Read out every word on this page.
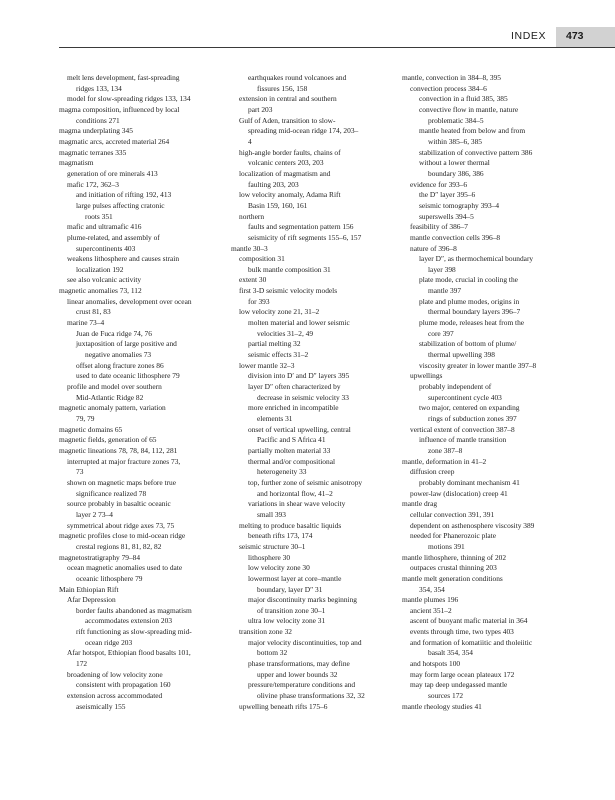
INDEX 473
melt lens development, fast-spreading
ridges 133, 134
model for slow-spreading ridges 133, 134
magma composition, influenced by local
conditions 271
magma underplating 345
magmatic arcs, accreted material 264
magmatic terranes 335
magmatism
generation of ore minerals 413
mafic 172, 362–3
and initiation of rifting 192, 413
large pulses affecting cratonic
roots 351
mafic and ultramafic 416
plume-related, and assembly of
supercontinents 403
weakens lithosphere and causes strain
localization 192
see also volcanic activity
magnetic anomalies 73, 112
linear anomalies, development over ocean
crust 81, 83
marine 73–4
Juan de Fuca ridge 74, 76
juxtaposition of large positive and
negative anomalies 73
offset along fracture zones 86
used to date oceanic lithosphere 79
profile and model over southern
Mid-Atlantic Ridge 82
magnetic anomaly pattern, variation
79, 79
magnetic domains 65
magnetic fields, generation of 65
magnetic lineations 78, 78, 84, 112, 281
interrupted at major fracture zones 73,
73
shown on magnetic maps before true
significance realized 78
source probably in basaltic oceanic
layer 2 73–4
symmetrical about ridge axes 73, 75
magnetic profiles close to mid-ocean ridge
crestal regions 81, 81, 82, 82
magnetostratigraphy 79–84
ocean magnetic anomalies used to date
oceanic lithosphere 79
Main Ethiopian Rift
Afar Depression
border faults abandoned as magmatism
accommodates extension 203
rift functioning as slow-spreading mid-
ocean ridge 203
Afar hotspot, Ethiopian flood basalts 101,
172
broadening of low velocity zone
consistent with propagation 160
extension across accommodated
aseismically 155
earthquakes round volcanoes and
fissures 156, 158
extension in central and southern
part 203
Gulf of Aden, transition to slow-
spreading mid-ocean ridge 174, 203–
4
high-angle border faults, chains of
volcanic centers 203, 203
localization of magmatism and
faulting 203, 203
low velocity anomaly, Adama Rift
Basin 159, 160, 161
northern
faults and segmentation pattern 156
seismicity of rift segments 155–6, 157
mantle 30–3
composition 31
bulk mantle composition 31
extent 30
first 3-D seismic velocity models
for 393
low velocity zone 21, 31–2
molten material and lower seismic
velocities 31–2, 49
partial melting 32
seismic effects 31–2
lower mantle 32–3
division into D′ and D″ layers 395
layer D″ often characterized by
decrease in seismic velocity 33
more enriched in incompatible
elements 31
onset of vertical upwelling, central
Pacific and S Africa 41
partially molten material 33
thermal and/or compositional
heterogeneity 33
top, further zone of seismic anisotropy
and horizontal flow, 41–2
variations in shear wave velocity
small 393
melting to produce basaltic liquids
beneath rifts 173, 174
seismic structure 30–1
lithosphere 30
low velocity zone 30
lowermost layer at core–mantle
boundary, layer D″ 31
major discontinuity marks beginning
of transition zone 30–1
ultra low velocity zone 31
transition zone 32
major velocity discontinuities, top and
bottom 32
phase transformations, may define
upper and lower bounds 32
pressure/temperature conditions and
olivine phase transformations 32, 32
upwelling beneath rifts 175–6
mantle, convection in 384–8, 395
convection process 384–6
convection in a fluid 385, 385
convective flow in mantle, nature
problematic 384–5
mantle heated from below and from
within 385–6, 385
stabilization of convective pattern 386
without a lower thermal
boundary 386, 386
evidence for 393–6
the D″ layer 395–6
seismic tomography 393–4
superswells 394–5
feasibility of 386–7
mantle convection cells 396–8
nature of 396–8
layer D″, as thermochemical boundary
layer 398
plate mode, crucial in cooling the
mantle 397
plate and plume modes, origins in
thermal boundary layers 396–7
plume mode, releases heat from the
core 397
stabilization of bottom of plume/
thermal upwelling 398
viscosity greater in lower mantle 397–8
upwellings
probably independent of
supercontinent cycle 403
two major, centered on expanding
rings of subduction zones 397
vertical extent of convection 387–8
influence of mantle transition
zone 387–8
mantle, deformation in 41–2
diffusion creep
probably dominant mechanism 41
power-law (dislocation) creep 41
mantle drag
cellular convection 391, 391
dependent on asthenosphere viscosity 389
needed for Phanerozoic plate
motions 391
mantle lithosphere, thinning of 202
outpaces crustal thinning 203
mantle melt generation conditions
354, 354
mantle plumes 196
ancient 351–2
ascent of buoyant mafic material in 364
events through time, two types 403
and formation of komatiitic and tholeiitic
basalt 354, 354
and hotspots 100
may form large ocean plateaux 172
may tap deep undegassed mantle
sources 172
mantle rheology studies 41
